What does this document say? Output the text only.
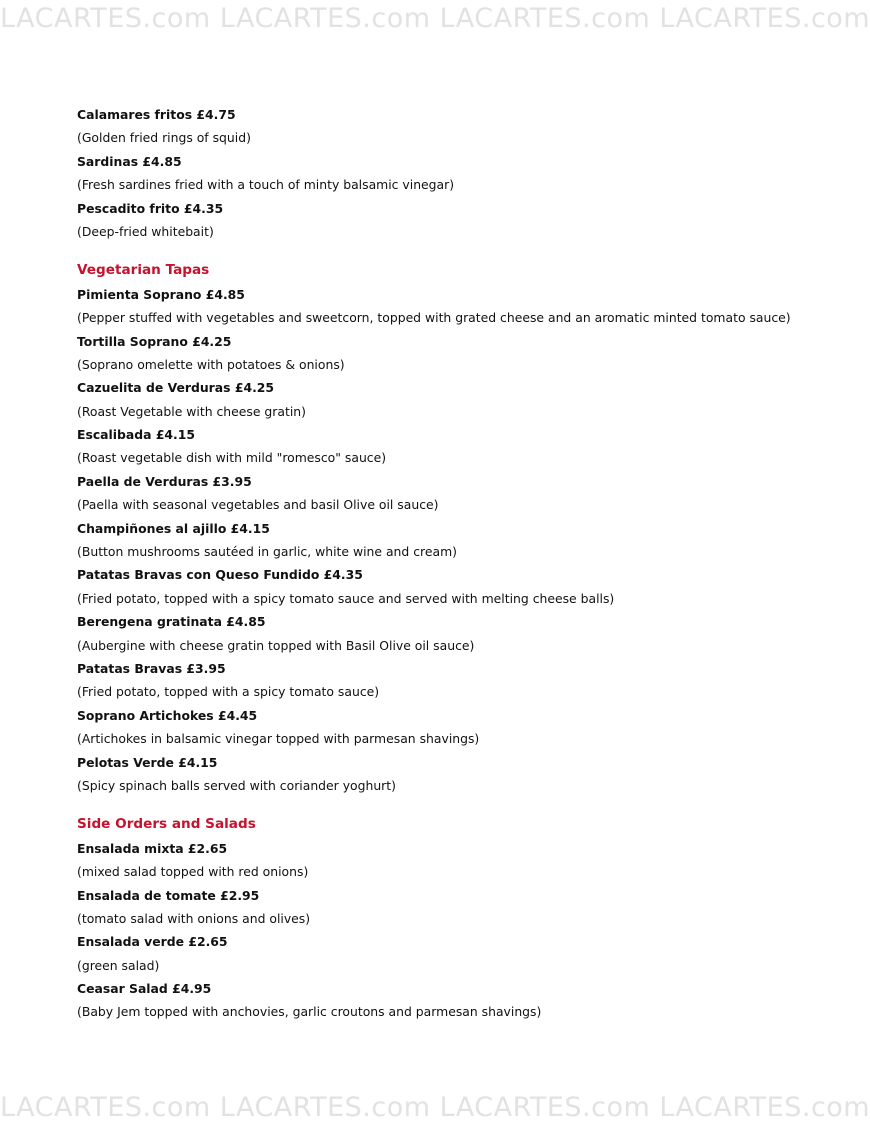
LACARTES.com LACARTES.com LACARTES.com LACARTES.com
Calamares fritos £4.75
(Golden fried rings of squid)
Sardinas £4.85
(Fresh sardines fried with a touch of minty balsamic vinegar)
Pescadito frito £4.35
(Deep-fried whitebait)
Vegetarian Tapas
Pimienta Soprano £4.85
(Pepper stuffed with vegetables and sweetcorn, topped with grated cheese and an aromatic minted tomato sauce)
Tortilla Soprano £4.25
(Soprano omelette with potatoes & onions)
Cazuelita de Verduras £4.25
(Roast Vegetable with cheese gratin)
Escalibada £4.15
(Roast vegetable dish with mild "romesco" sauce)
Paella de Verduras £3.95
(Paella with seasonal vegetables and basil Olive oil sauce)
Champiñones al ajillo £4.15
(Button mushrooms sautéed in garlic, white wine and cream)
Patatas Bravas con Queso Fundido £4.35
(Fried potato, topped with a spicy tomato sauce and served with melting cheese balls)
Berengena gratinata £4.85
(Aubergine with cheese gratin topped with Basil Olive oil sauce)
Patatas Bravas £3.95
(Fried potato, topped with a spicy tomato sauce)
Soprano Artichokes £4.45
(Artichokes in balsamic vinegar topped with parmesan shavings)
Pelotas Verde £4.15
(Spicy spinach balls served with coriander yoghurt)
Side Orders and Salads
Ensalada mixta £2.65
(mixed salad topped with red onions)
Ensalada de tomate £2.95
(tomato salad with onions and olives)
Ensalada verde £2.65
(green salad)
Ceasar Salad £4.95
(Baby Jem topped with anchovies, garlic croutons and parmesan shavings)
LACARTES.com LACARTES.com LACARTES.com LACARTES.com
